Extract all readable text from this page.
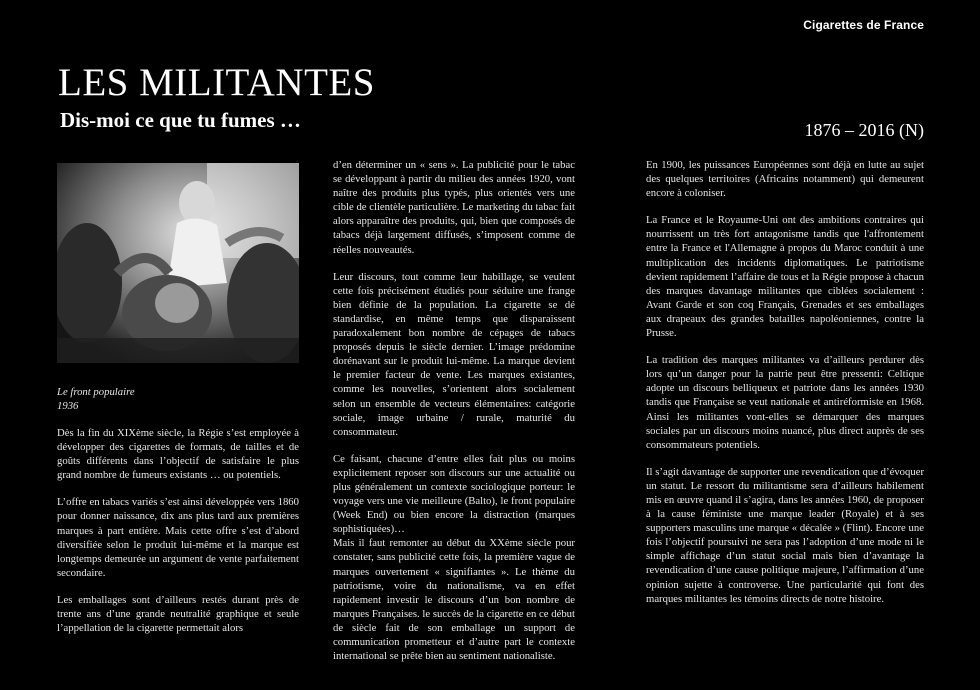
Cigarettes de France
LES MILITANTES
Dis-moi ce que tu fumes …	1876 – 2016 (N)
Le front populaire
1936

Dès la fin du XIXème siècle, la Régie s’est employée à développer des cigarettes de formats, de tailles et de goûts différents dans l’objectif de satisfaire le plus grand nombre de fumeurs existants … ou potentiels.

L’offre en tabacs variés s’est ainsi développée vers 1860 pour donner naissance, dix ans plus tard aux premières marques à part entière. Mais cette offre s’est d’abord diversifiée selon le produit lui-même et la marque est longtemps demeurée un argument de vente parfaitement secondaire.

Les emballages sont d’ailleurs restés durant près de trente ans d’une grande neutralité graphique et seule l’appellation de la cigarette permettait alors

d’en déterminer un « sens ». La publicité pour le tabac se développant à partir du milieu des années 1920, vont naître des produits plus typés, plus orientés vers une cible de clientèle particulière. Le marketing du tabac fait alors apparaître des produits, qui, bien que composés de tabacs déjà largement diffusés, s’imposent comme de réelles nouveautés.

Leur discours, tout comme leur habillage, se veulent cette fois précisément étudiés pour séduire une frange bien définie de la population. La cigarette se dé standardise, en même temps que disparaissent paradoxalement bon nombre de cépages de tabacs proposés depuis le siècle dernier. L’image prédomine dorénavant sur le produit lui-même. La marque devient le premier facteur de vente. Les marques existantes, comme les nouvelles, s’orientent alors socialement selon un ensemble de vecteurs élémentaires: catégorie sociale, image urbaine / rurale, maturité du consommateur.

Ce faisant, chacune d’entre elles fait plus ou moins explicitement reposer son discours sur une actualité ou plus généralement un contexte sociologique porteur: le voyage vers une vie meilleure (Balto), le front populaire (Week End) ou bien encore la distraction (marques sophistiquées)…

Mais il faut remonter au début du XXème siècle pour constater, sans publicité cette fois, la première vague de marques ouvertement « signifiantes ». Le thème du patriotisme, voire du nationalisme, va en effet rapidement investir le discours d’un bon nombre de marques Françaises. le succès de la cigarette en ce début de siècle fait de son emballage un support de communication prometteur et d’autre part le contexte international se prête bien au sentiment nationaliste.

En 1900, les puissances Européennes sont déjà en lutte au sujet des quelques territoires (Africains notamment) qui demeurent encore à coloniser.

La France et le Royaume-Uni ont des ambitions contraires qui nourrissent un très fort antagonisme tandis que l'affrontement entre la France et l'Allemagne à propos du Maroc conduit à une multiplication des incidents diplomatiques. Le patriotisme devient rapidement l’affaire de tous et la Régie propose à chacun des marques davantage militantes que ciblées socialement : Avant Garde et son coq Français, Grenades et ses emballages aux drapeaux des grandes batailles napoléoniennes, contre la Prusse.

La tradition des marques militantes va d’ailleurs perdurer dès lors qu’un danger pour la patrie peut être pressenti: Celtique adopte un discours belliqueux et patriote dans les années 1930 tandis que Française se veut nationale et antiréformiste en 1968. Ainsi les militantes vont-elles se démarquer des marques sociales par un discours moins nuancé, plus direct auprès de ses consommateurs potentiels.

Il s’agit davantage de supporter une revendication que d’évoquer un statut. Le ressort du militantisme sera d’ailleurs habilement mis en œuvre quand il s’agira, dans les années 1960, de proposer à la cause féministe une marque leader (Royale) et à ses supporters masculins une marque « décalée » (Flint). Encore une fois l’objectif poursuivi ne sera pas l’adoption d’une mode ni le simple affichage d’un statut social mais bien d’avantage la revendication d’une cause politique majeure, l’affirmation d’une opinion sujette à controverse. Une particularité qui font des marques militantes les témoins directs de notre histoire.
